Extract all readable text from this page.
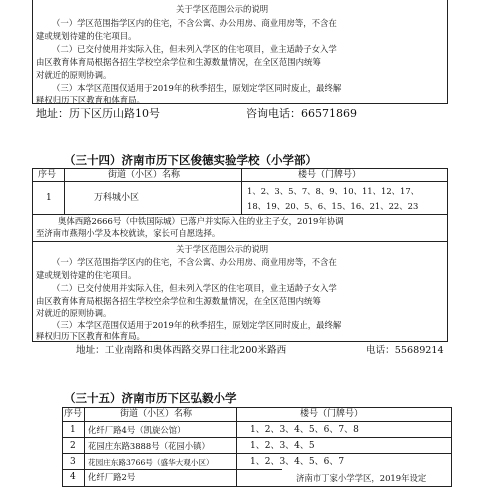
关于学区范围公示的说明
（一）学区范围指学区内的住宅，不含公寓、办公用房、商业用房等，不含在
建或规划待建的住宅项目。
（二）已交付使用并实际入住，但未列入学区的住宅项目，业主适龄子女入学
由区教育体育局根据各招生学校空余学位和生源数量情况，在全区范围内统筹
对就近的原则协调。
（三）本学区范围仅适用于2019年的秋季招生，原划定学区同时废止，最终解
释权归历下区教育和体育局。
地址：历下区历山路10号	咨询电话：66571869
（三十四）济南市历下区俊德实验学校（小学部）
序号	街道（小区）名称	楼号（门牌号）
1	万科城小区
1、2、3、5、7、8、9、10、11、12、17、
18、19、20、5、6、15、16、21、22、23
奥体西路2666号（中铁国际城）已落户并实际入住的业主子女，2019年协调
至济南市燕翔小学及本校就读，家长可自愿选择。
关于学区范围公示的说明
（一）学区范围指学区内的住宅，不含公寓、办公用房、商业用房等，不含在
建或规划待建的住宅项目。
（二）已交付使用并实际入住，但未列入学区的住宅项目，业主适龄子女入学
由区教育体育局根据各招生学校空余学位和生源数量情况，在全区范围内统筹
对就近的原则协调。
（三）本学区范围仅适用于2019年的秋季招生，原划定学区同时废止，最终解
释权归历下区教育和体育局。
地址：工业南路和奥体西路交界口往北200米路西	电话：55689214
（三十五）济南市历下区弘毅小学
序号	街道（小区）名称	楼号（门牌号）
1 化纤厂路4号（凯旋公馆）	1、2、3、4、5、6、7、8
2 花园庄东路3888号（花园小镇）	1、2、3、4、5
3 花园庄东路3766号（盛华大观小区）	1、2、3、4、5、6、7
4 化纤厂路2号	济南市丁家小学学区，2019年设定
